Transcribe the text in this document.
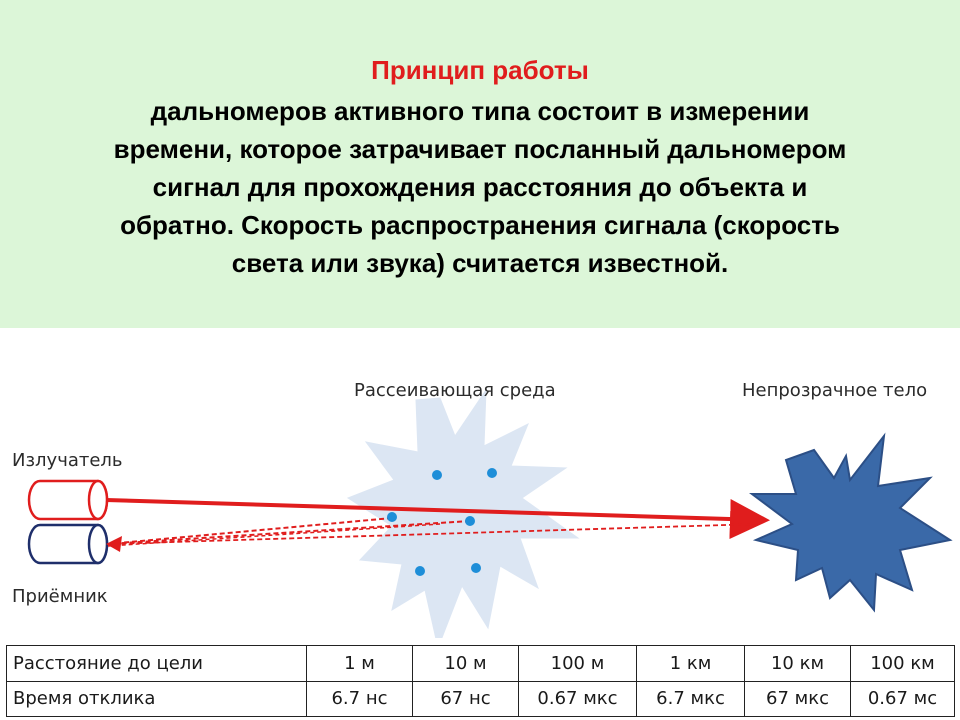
Принцип работы
дальномеров активного типа состоит в измерении
времени, которое затрачивает посланный дальномером
сигнал для прохождения расстояния до объекта и
обратно. Скорость распространения сигнала (скорость
света или звука) считается известной.
Рассеивающая среда	Непрозрачное тело
Излучатель
Приёмник
Расстояние до цели	1 м	10 м	100 м	1 км	10 км	100 км
Время отклика	6.7 нс	67 нс	0.67 мкс	6.7 мкс	67 мкс	0.67 мс
